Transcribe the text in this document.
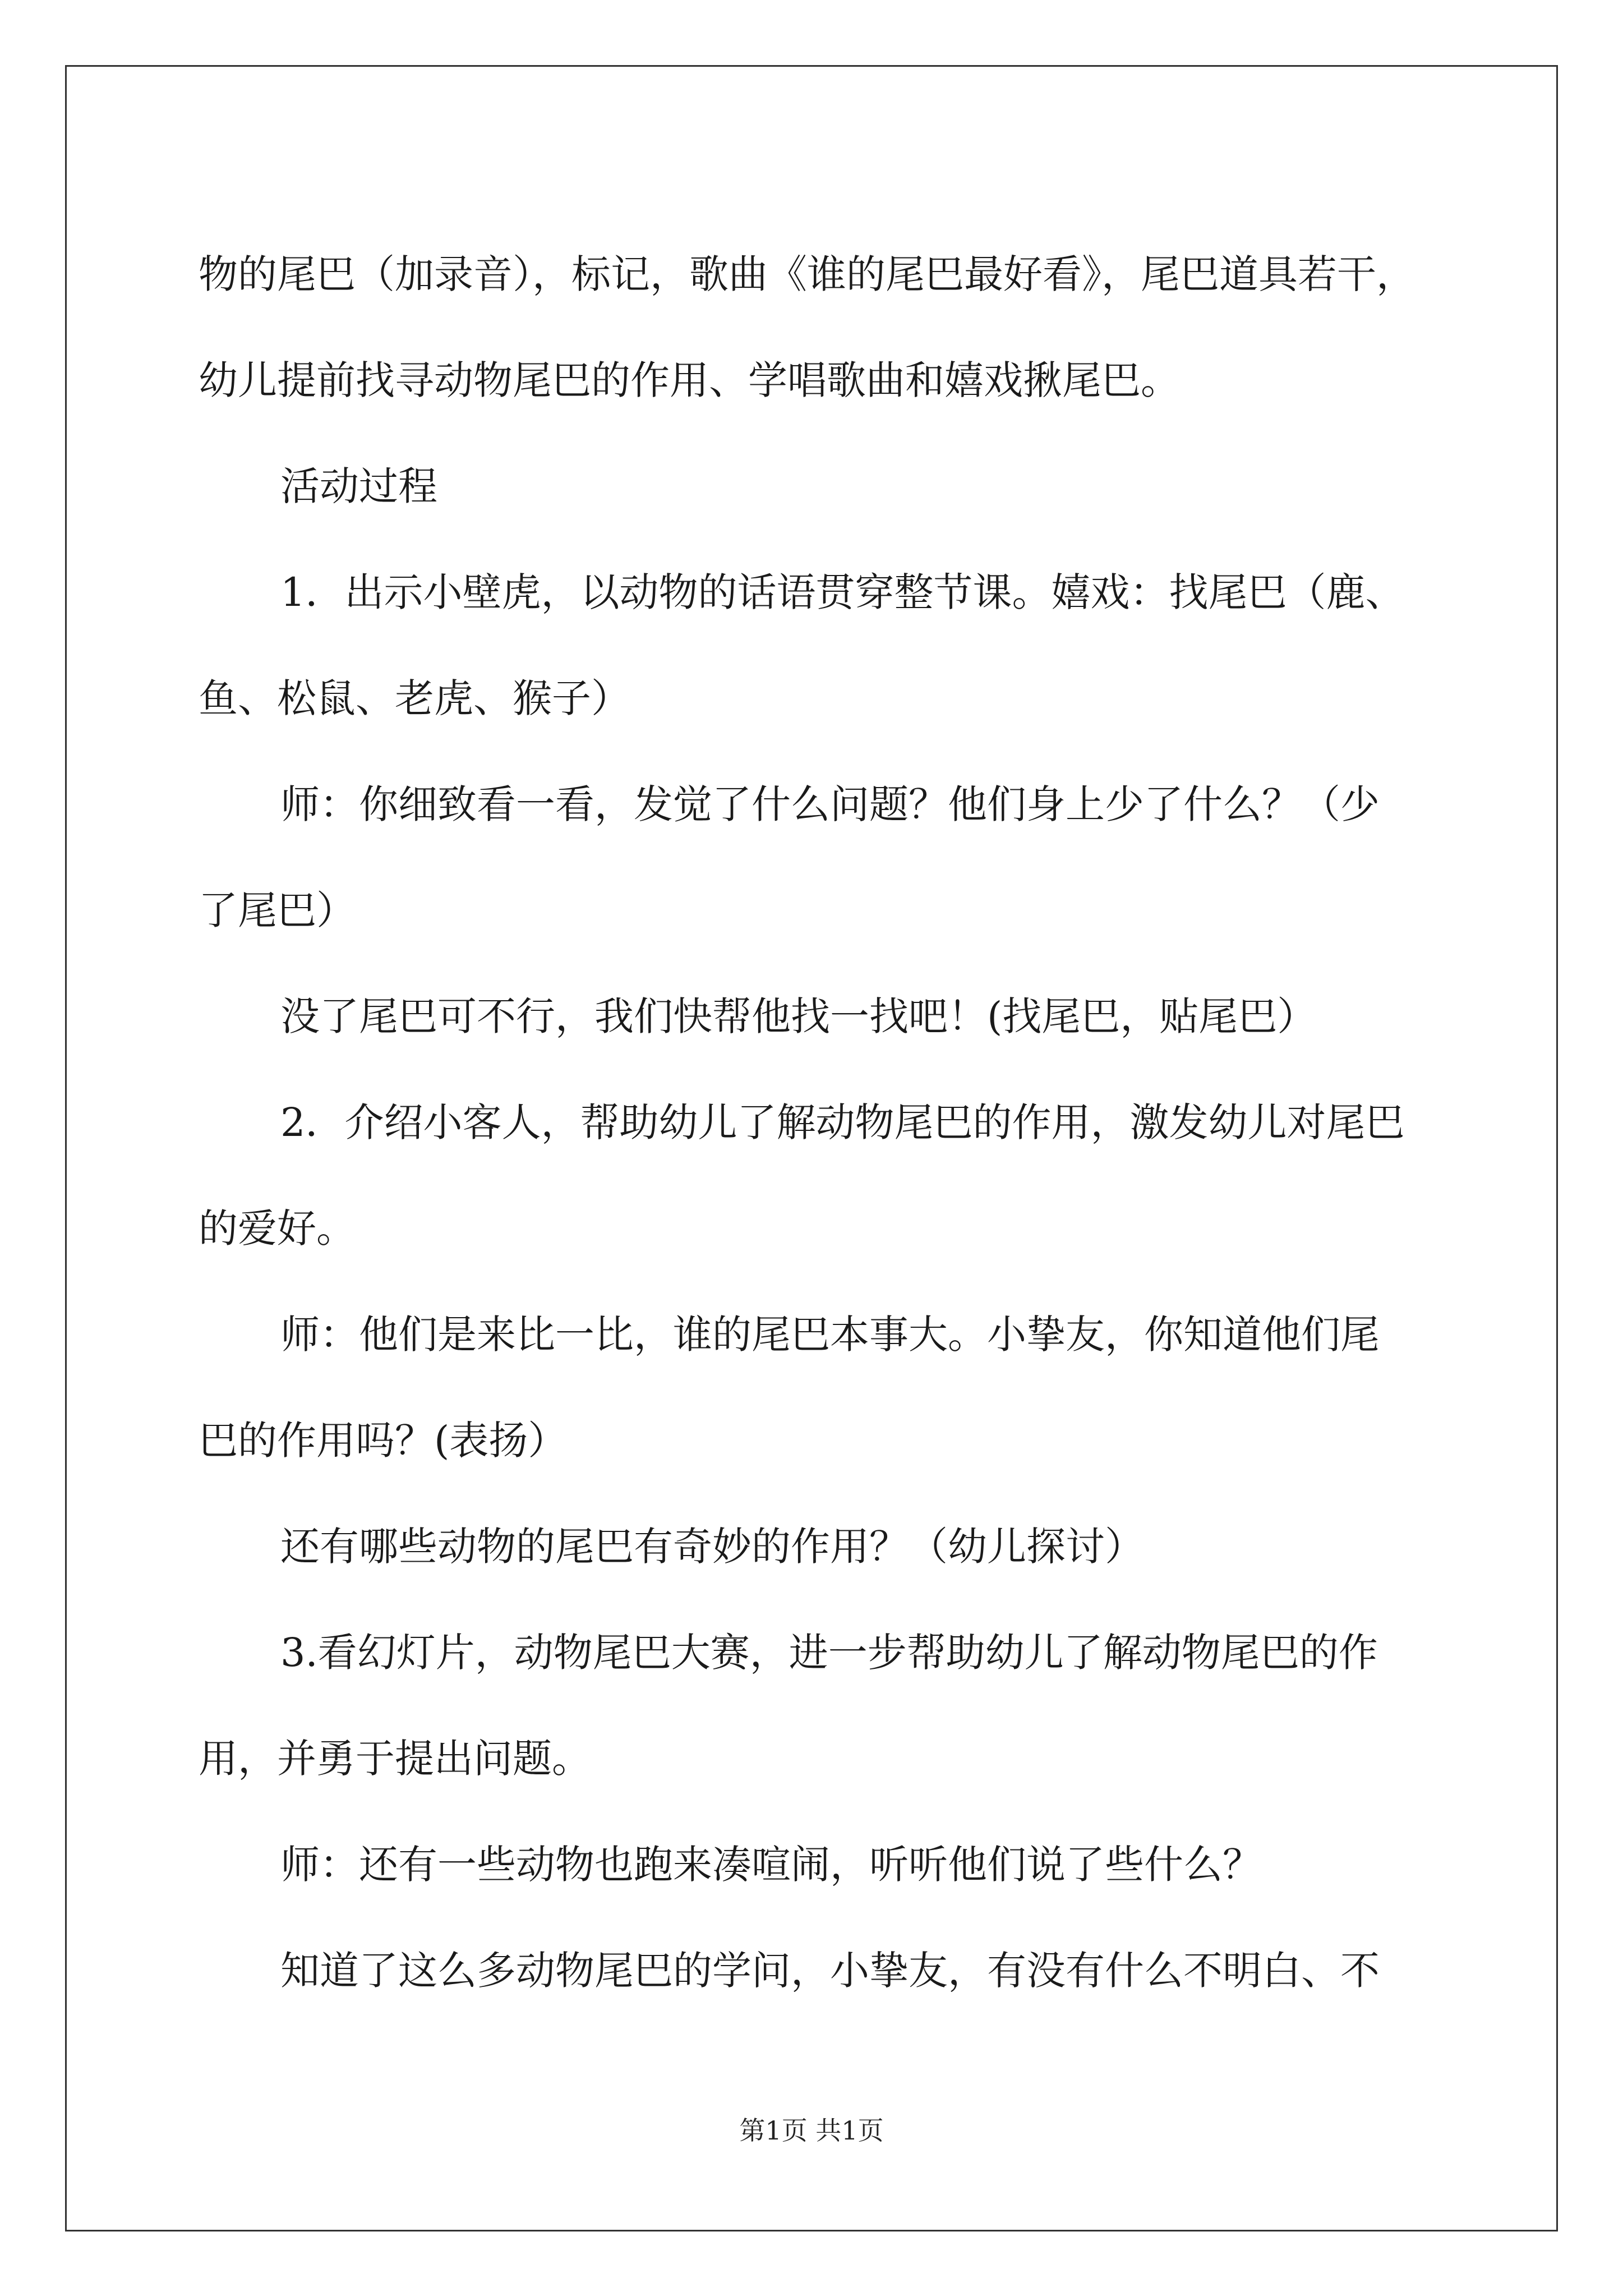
物的尾巴（加录音），标记，歌曲《谁的尾巴最好看》，尾巴道具若干，
幼儿提前找寻动物尾巴的作用、学唱歌曲和嬉戏揪尾巴。
活动过程
1．出示小壁虎，以动物的话语贯穿整节课。嬉戏：找尾巴（鹿、
鱼、松鼠、老虎、猴子）
师：你细致看一看，发觉了什么问题？他们身上少了什么？（少
了尾巴）
没了尾巴可不行，我们快帮他找一找吧！(找尾巴，贴尾巴）
2．介绍小客人，帮助幼儿了解动物尾巴的作用，激发幼儿对尾巴
的爱好。
师：他们是来比一比，谁的尾巴本事大。小挚友，你知道他们尾
巴的作用吗？(表扬）
还有哪些动物的尾巴有奇妙的作用？（幼儿探讨）
3.看幻灯片，动物尾巴大赛，进一步帮助幼儿了解动物尾巴的作
用，并勇于提出问题。
师：还有一些动物也跑来凑喧闹，听听他们说了些什么？
知道了这么多动物尾巴的学问，小挚友，有没有什么不明白、不
第1页 共1页
